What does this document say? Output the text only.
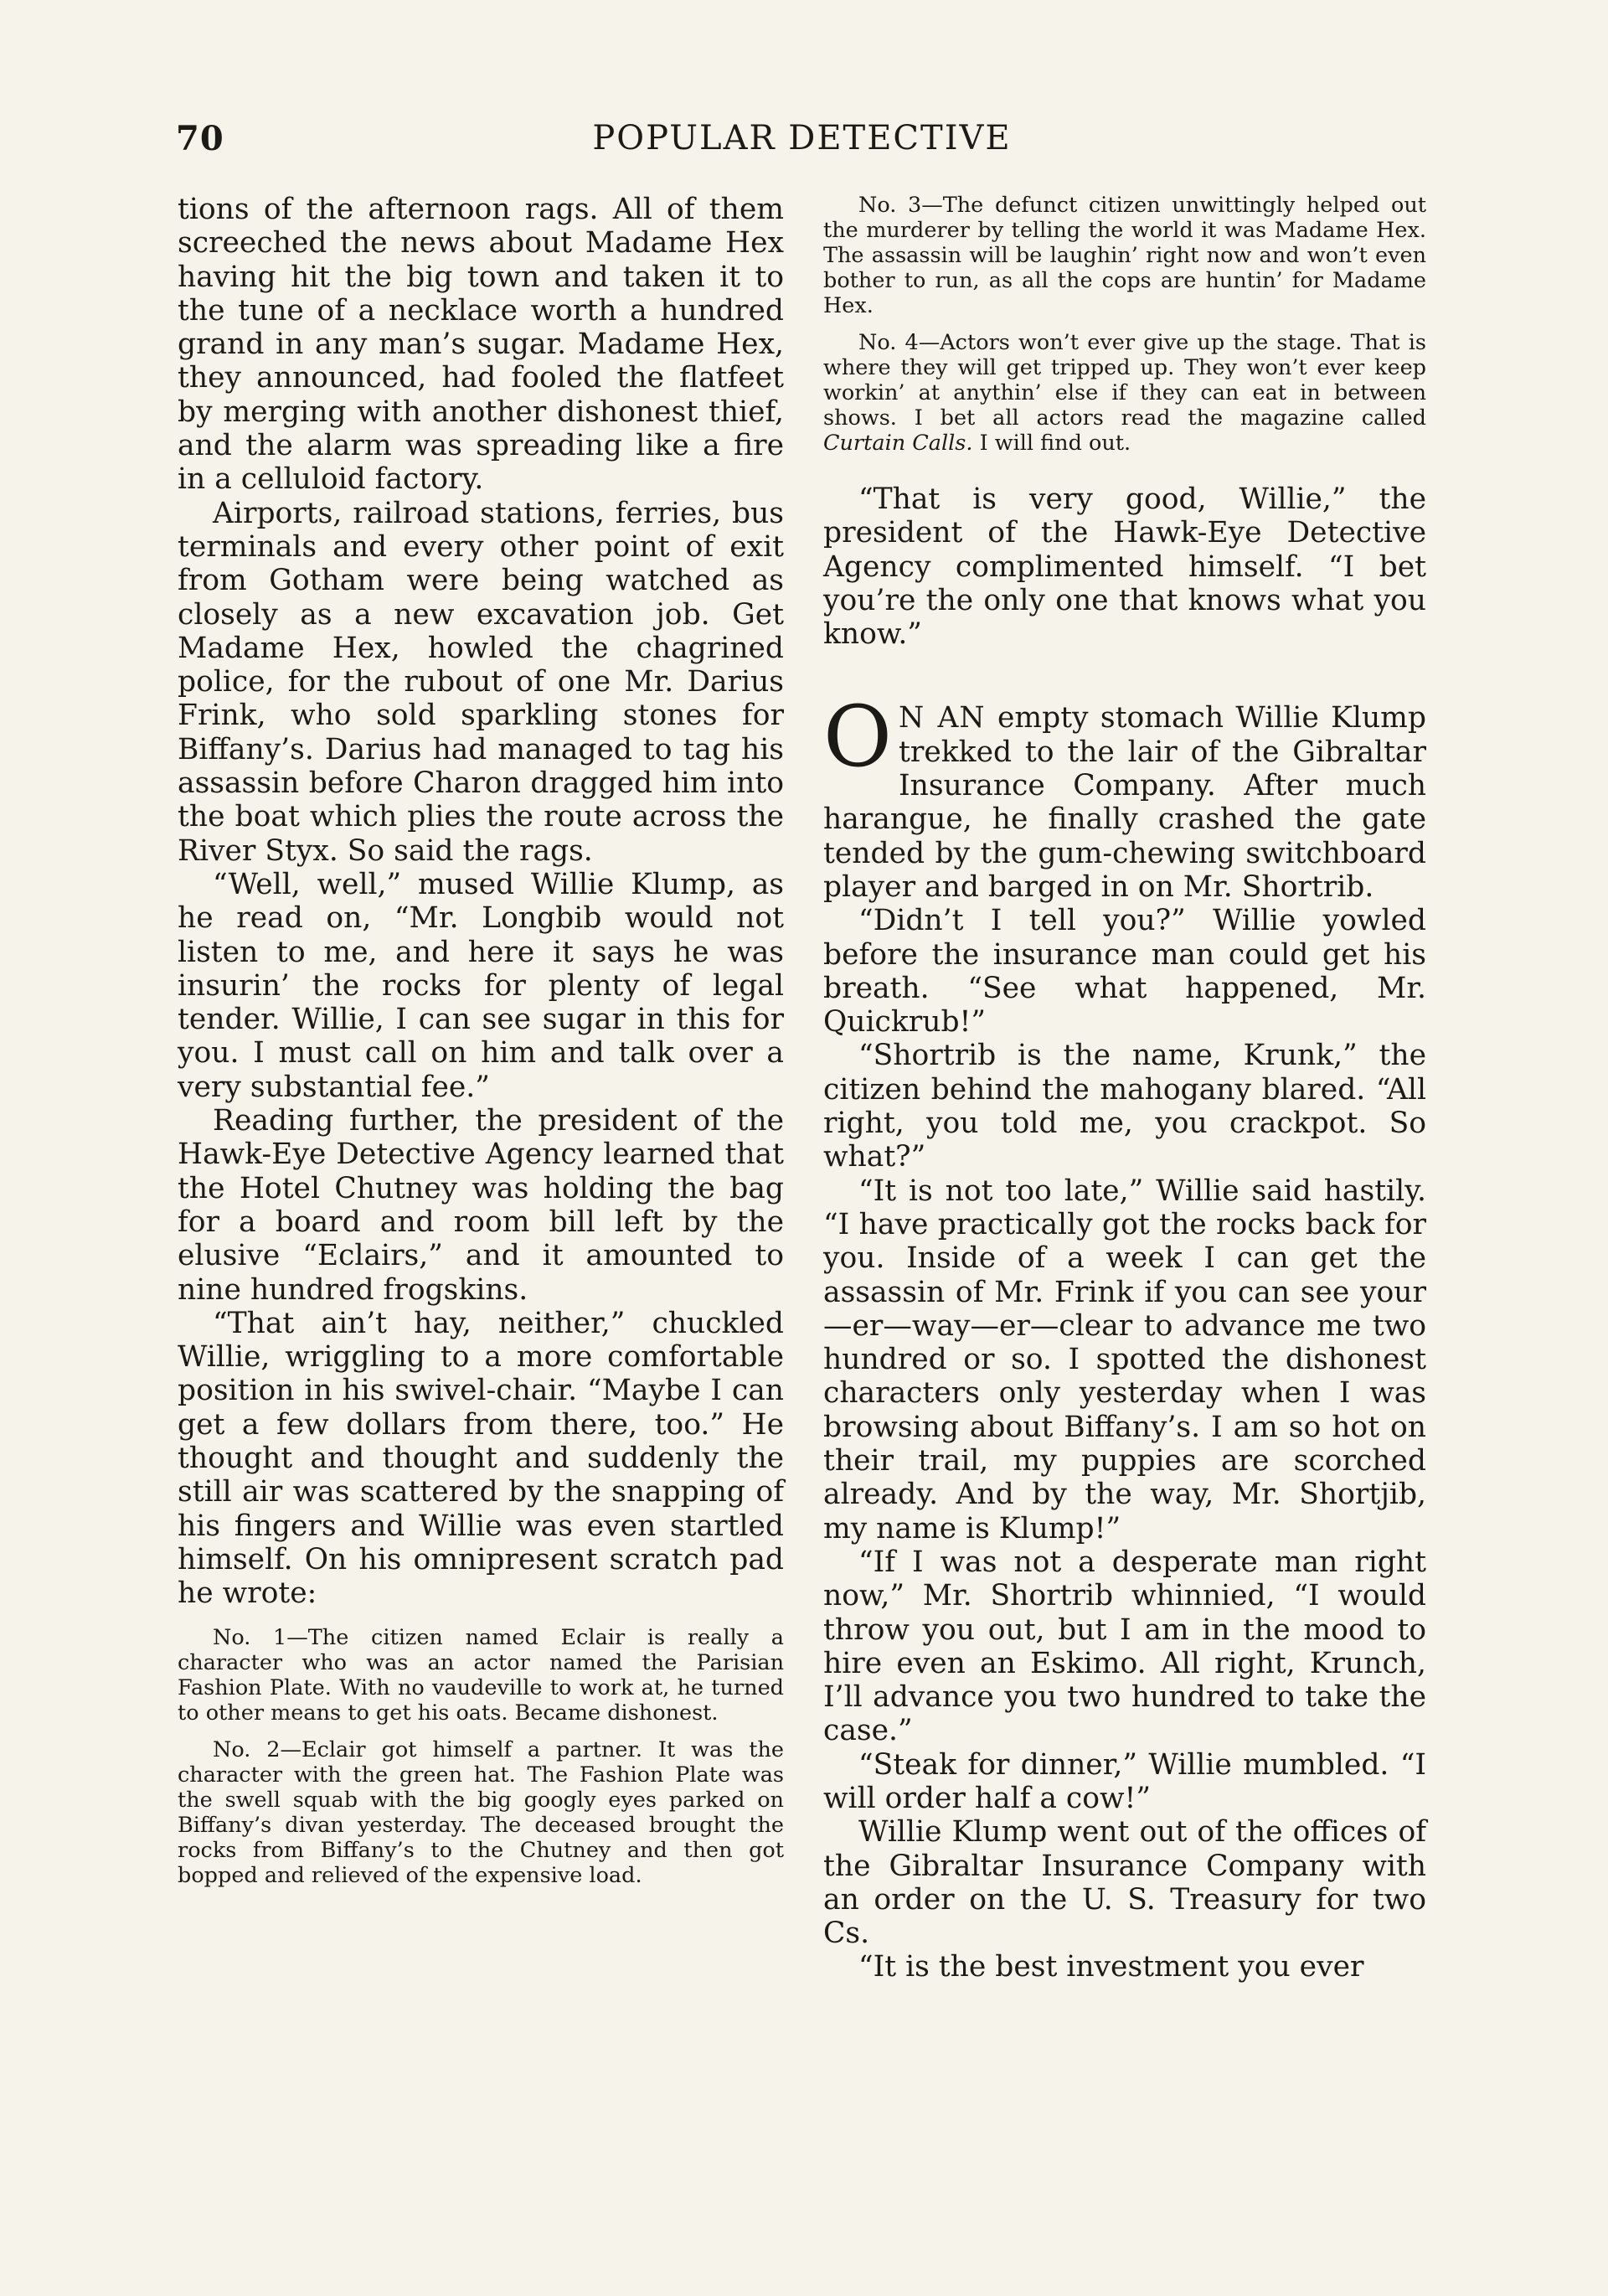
70	POPULAR DETECTIVE

tions of the afternoon rags. All of them screeched the news about Madame Hex having hit the big town and taken it to the tune of a necklace worth a hundred grand in any man’s sugar. Madame Hex, they announced, had fooled the flatfeet by merging with another dishonest thief, and the alarm was spreading like a fire in a celluloid factory.

Airports, railroad stations, ferries, bus terminals and every other point of exit from Gotham were being watched as closely as a new excavation job. Get Madame Hex, howled the chagrined police, for the rubout of one Mr. Darius Frink, who sold sparkling stones for Biffany’s. Darius had managed to tag his assassin before Charon dragged him into the boat which plies the route across the River Styx. So said the rags.

“Well, well,” mused Willie Klump, as he read on, “Mr. Longbib would not listen to me, and here it says he was insurin’ the rocks for plenty of legal tender. Willie, I can see sugar in this for you. I must call on him and talk over a very substantial fee.”

Reading further, the president of the Hawk-Eye Detective Agency learned that the Hotel Chutney was holding the bag for a board and room bill left by the elusive “Eclairs,” and it amounted to nine hundred frogskins.

“That ain’t hay, neither,” chuckled Willie, wriggling to a more comfortable position in his swivel-chair. “Maybe I can get a few dollars from there, too.” He thought and thought and suddenly the still air was scattered by the snapping of his fingers and Willie was even startled himself. On his omnipresent scratch pad he wrote:

No. 1—The citizen named Eclair is really a character who was an actor named the Parisian Fashion Plate. With no vaudeville to work at, he turned to other means to get his oats. Became dishonest.

No. 2—Eclair got himself a partner. It was the character with the green hat. The Fashion Plate was the swell squab with the big googly eyes parked on Biffany’s divan yesterday. The deceased brought the rocks from Biffany’s to the Chutney and then got bopped and relieved of the expensive load.

No. 3—The defunct citizen unwittingly helped out the murderer by telling the world it was Madame Hex. The assassin will be laughin’ right now and won’t even bother to run, as all the cops are huntin’ for Madame Hex.

No. 4—Actors won’t ever give up the stage. That is where they will get tripped up. They won’t ever keep workin’ at anythin’ else if they can eat in between shows. I bet all actors read the magazine called Curtain Calls. I will find out.

“That is very good, Willie,” the president of the Hawk-Eye Detective Agency complimented himself. “I bet you’re the only one that knows what you know.”

O N AN empty stomach Willie Klump trekked to the lair of the Gibraltar Insurance Company. After much harangue, he finally crashed the gate tended by the gum-chewing switchboard player and barged in on Mr. Shortrib.

“Didn’t I tell you?” Willie yowled before the insurance man could get his breath. “See what happened, Mr. Quickrub!”

“Shortrib is the name, Krunk,” the citizen behind the mahogany blared. “All right, you told me, you crackpot. So what?”

“It is not too late,” Willie said hastily. “I have practically got the rocks back for you. Inside of a week I can get the assassin of Mr. Frink if you can see your—er—way—er—clear to advance me two hundred or so. I spotted the dishonest characters only yesterday when I was browsing about Biffany’s. I am so hot on their trail, my puppies are scorched already. And by the way, Mr. Shortjib, my name is Klump!”

“If I was not a desperate man right now,” Mr. Shortrib whinnied, “I would throw you out, but I am in the mood to hire even an Eskimo. All right, Krunch, I’ll advance you two hundred to take the case.”

“Steak for dinner,” Willie mumbled. “I will order half a cow!”

Willie Klump went out of the offices of the Gibraltar Insurance Company with an order on the U. S. Treasury for two Cs.

“It is the best investment you ever
